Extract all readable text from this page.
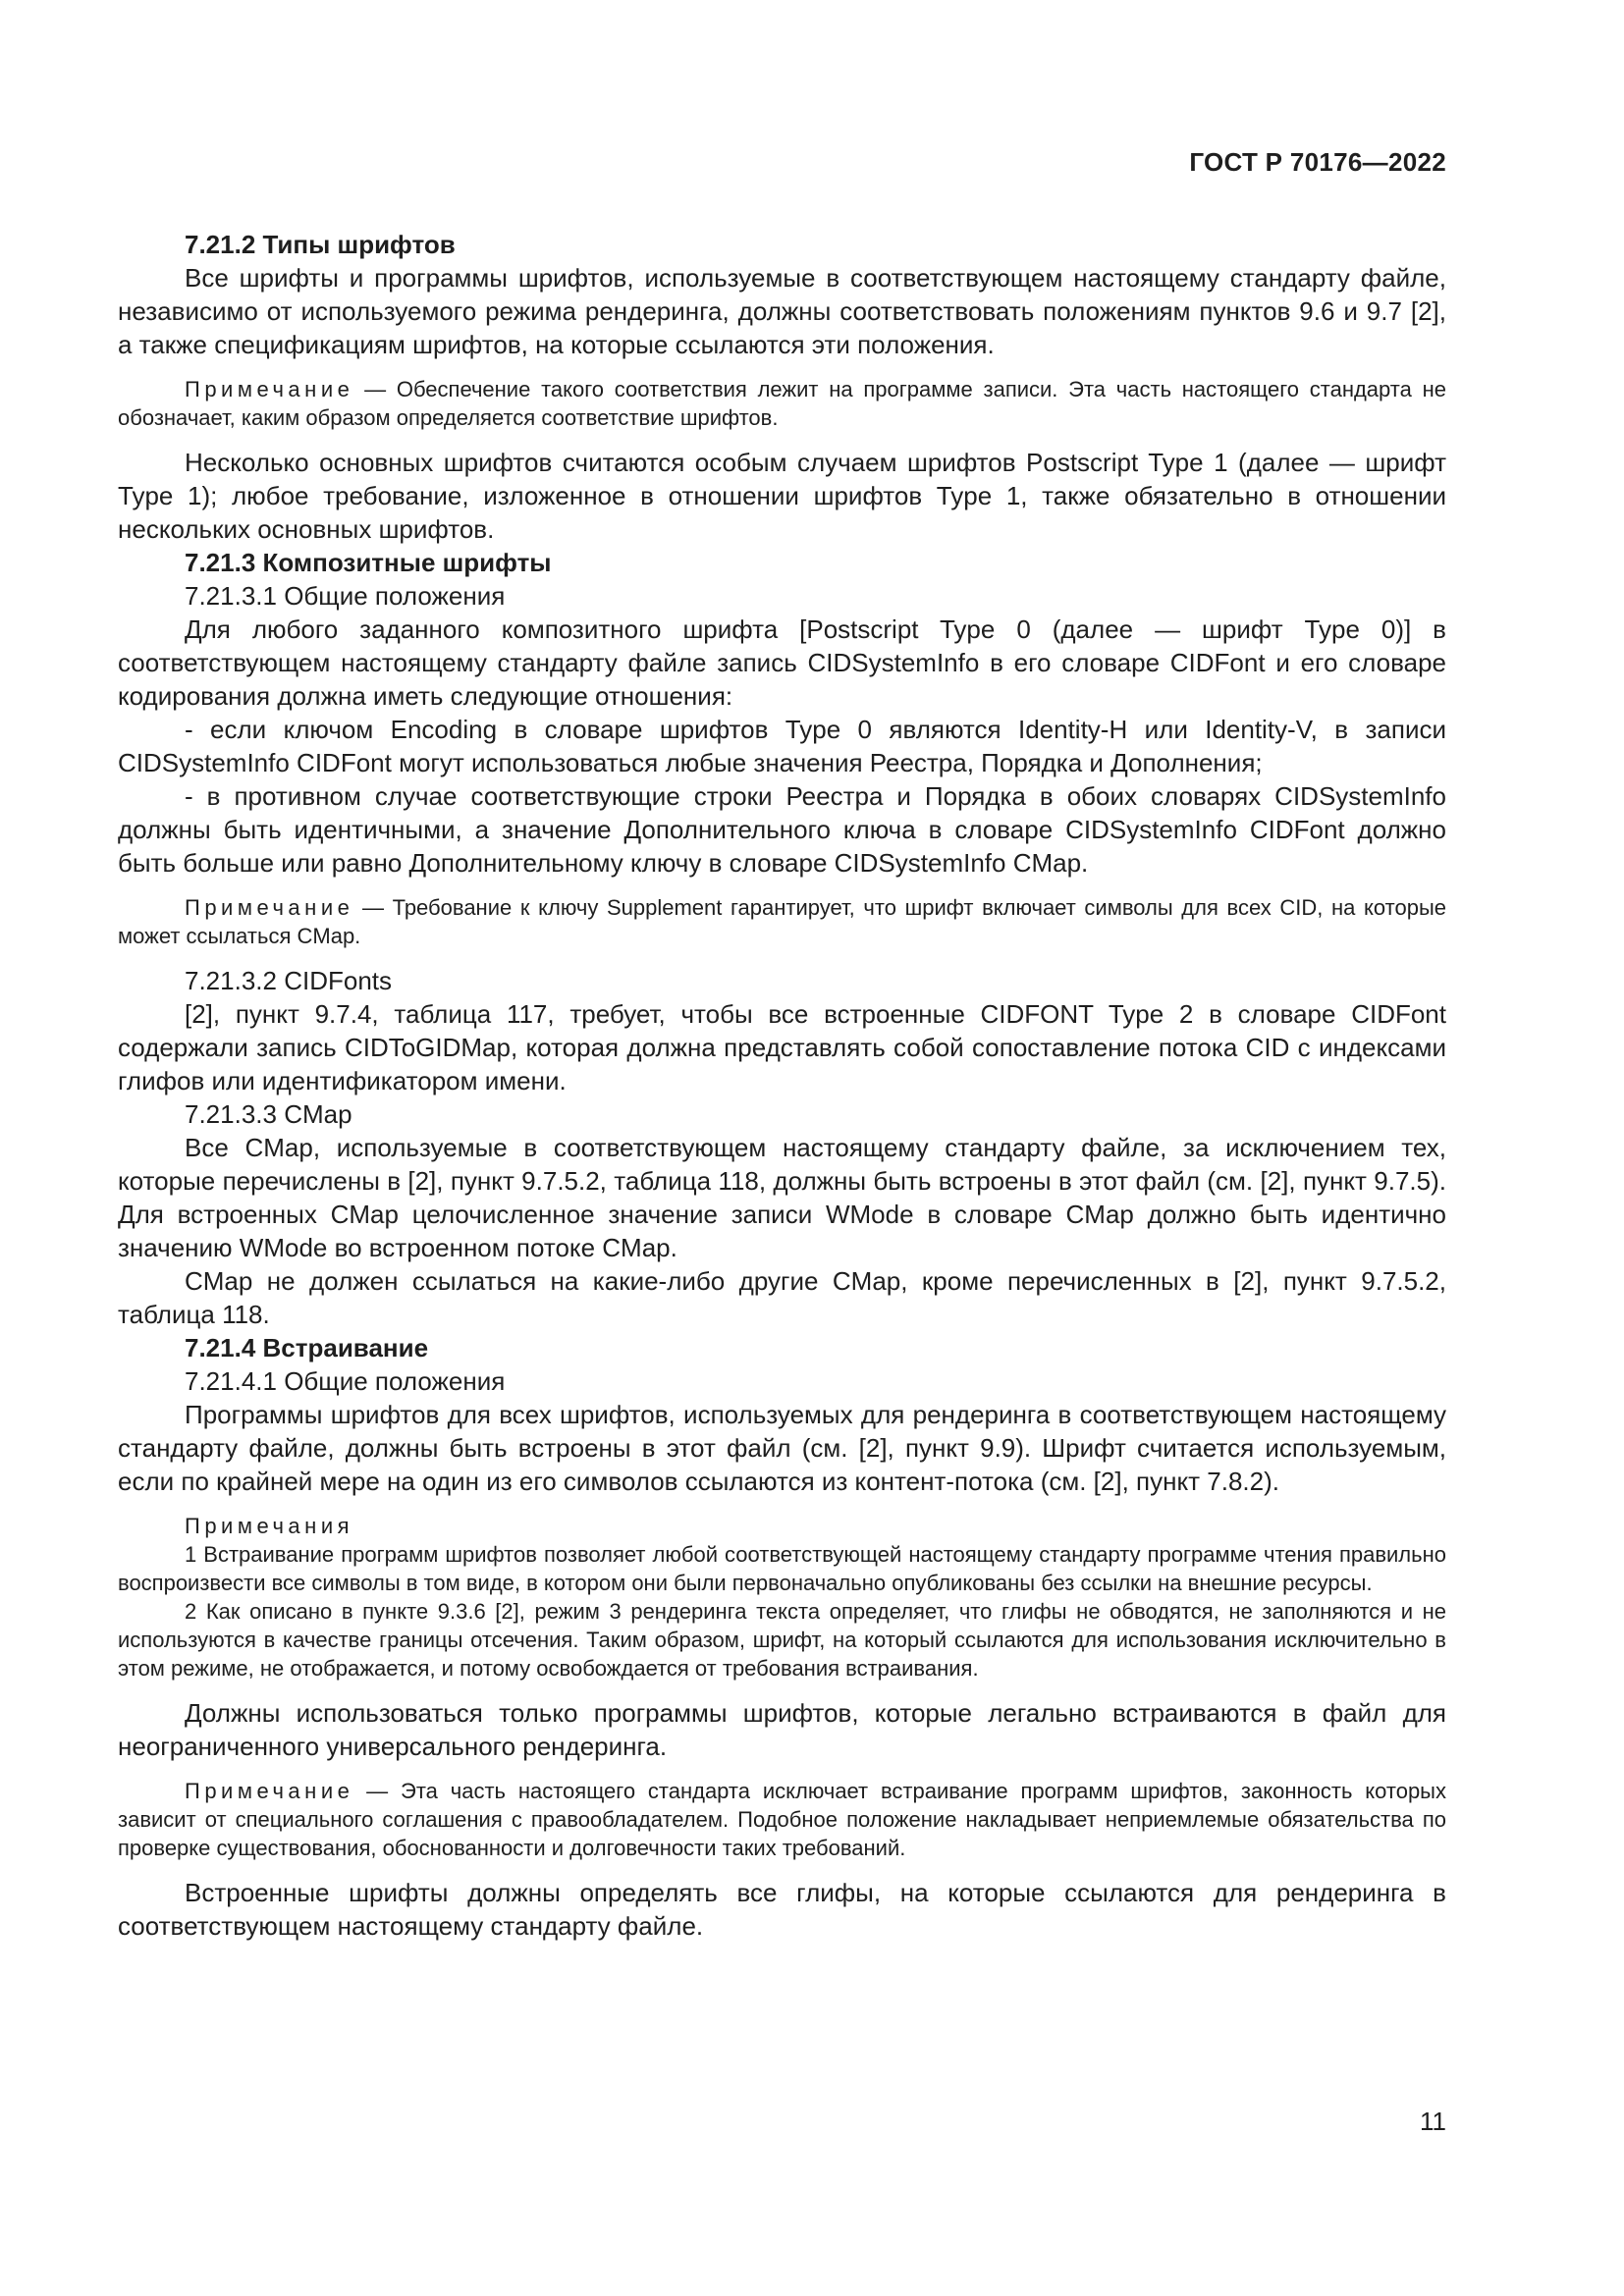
ГОСТ Р 70176—2022

7.21.2 Типы шрифтов

Все шрифты и программы шрифтов, используемые в соответствующем настоящему стандарту файле, независимо от используемого режима рендеринга, должны соответствовать положениям пунктов 9.6 и 9.7 [2], а также спецификациям шрифтов, на которые ссылаются эти положения.

Примечание — Обеспечение такого соответствия лежит на программе записи. Эта часть настоящего стандарта не обозначает, каким образом определяется соответствие шрифтов.

Несколько основных шрифтов считаются особым случаем шрифтов Postscript Type 1 (далее — шрифт Type 1); любое требование, изложенное в отношении шрифтов Type 1, также обязательно в отношении нескольких основных шрифтов.

7.21.3 Композитные шрифты

7.21.3.1 Общие положения

Для любого заданного композитного шрифта [Postscript Type 0 (далее — шрифт Type 0)] в соответствующем настоящему стандарту файле запись CIDSystemInfo в его словаре CIDFont и его словаре кодирования должна иметь следующие отношения:

- если ключом Encoding в словаре шрифтов Type 0 являются Identity-H или Identity-V, в записи CIDSystemInfo CIDFont могут использоваться любые значения Реестра, Порядка и Дополнения;

- в противном случае соответствующие строки Реестра и Порядка в обоих словарях CIDSystemInfo должны быть идентичными, а значение Дополнительного ключа в словаре CIDSystemInfo CIDFont должно быть больше или равно Дополнительному ключу в словаре CIDSystemInfo CMap.

Примечание — Требование к ключу Supplement гарантирует, что шрифт включает символы для всех CID, на которые может ссылаться CMap.

7.21.3.2 CIDFonts

[2], пункт 9.7.4, таблица 117, требует, чтобы все встроенные CIDFONT Type 2 в словаре CIDFont содержали запись CIDToGIDMap, которая должна представлять собой сопоставление потока CID с индексами глифов или идентификатором имени.

7.21.3.3 CMap

Все CMap, используемые в соответствующем настоящему стандарту файле, за исключением тех, которые перечислены в [2], пункт 9.7.5.2, таблица 118, должны быть встроены в этот файл (см. [2], пункт 9.7.5). Для встроенных CMap целочисленное значение записи WMode в словаре CMap должно быть идентично значению WMode во встроенном потоке CMap.

CMap не должен ссылаться на какие-либо другие CMap, кроме перечисленных в [2], пункт 9.7.5.2, таблица 118.

7.21.4 Встраивание

7.21.4.1 Общие положения

Программы шрифтов для всех шрифтов, используемых для рендеринга в соответствующем настоящему стандарту файле, должны быть встроены в этот файл (см. [2], пункт 9.9). Шрифт считается используемым, если по крайней мере на один из его символов ссылаются из контент-потока (см. [2], пункт 7.8.2).

Примечания

1 Встраивание программ шрифтов позволяет любой соответствующей настоящему стандарту программе чтения правильно воспроизвести все символы в том виде, в котором они были первоначально опубликованы без ссылки на внешние ресурсы.

2 Как описано в пункте 9.3.6 [2], режим 3 рендеринга текста определяет, что глифы не обводятся, не заполняются и не используются в качестве границы отсечения. Таким образом, шрифт, на который ссылаются для использования исключительно в этом режиме, не отображается, и потому освобождается от требования встраивания.

Должны использоваться только программы шрифтов, которые легально встраиваются в файл для неограниченного универсального рендеринга.

Примечание — Эта часть настоящего стандарта исключает встраивание программ шрифтов, законность которых зависит от специального соглашения с правообладателем. Подобное положение накладывает неприемлемые обязательства по проверке существования, обоснованности и долговечности таких требований.

Встроенные шрифты должны определять все глифы, на которые ссылаются для рендеринга в соответствующем настоящему стандарту файле.

11
